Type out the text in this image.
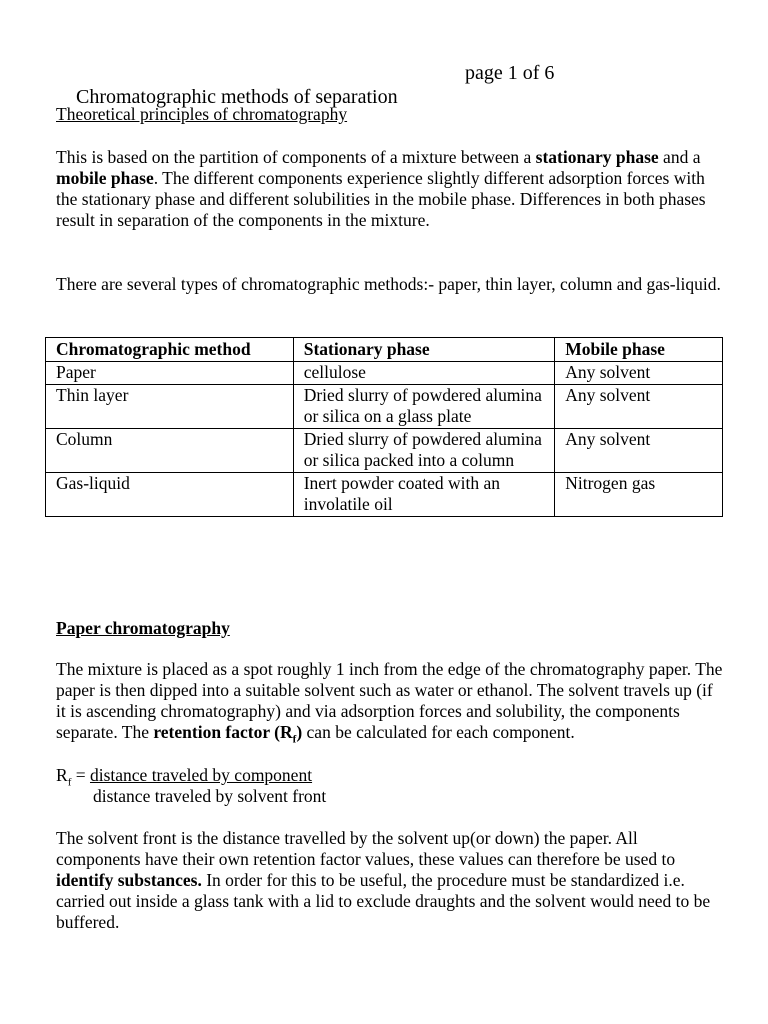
Chromatographic methods of separation

page 1 of 6

Theoretical principles of chromatography

This is based on the partition of components of a mixture between a stationary phase and a mobile phase. The different components experience slightly different adsorption forces with the stationary phase and different solubilities in the mobile phase. Differences in both phases result in separation of the components in the mixture.

There are several types of chromatographic methods:- paper, thin layer, column and gas-liquid.

Chromatographic method	Stationary phase	Mobile phase
Paper	cellulose	Any solvent
Thin layer	Dried slurry of powdered alumina or silica on a glass plate	Any solvent
Column	Dried slurry of powdered alumina or silica packed into a column	Any solvent
Gas-liquid	Inert powder coated with an involatile oil	Nitrogen gas
Paper chromatography

The mixture is placed as a spot roughly 1 inch from the edge of the chromatography paper. The paper is then dipped into a suitable solvent such as water or ethanol. The solvent travels up (if it is ascending chromatography) and via adsorption forces and solubility, the components separate. The retention factor $(R_f)$ can be calculated for each component.

$R_f$ = distance traveled by component
distance traveled by solvent front

The solvent front is the distance travelled by the solvent up(or down) the paper. All components have their own retention factor values, these values can therefore be used to identify substances. In order for this to be useful, the procedure must be standardized i.e. carried out inside a glass tank with a lid to exclude draughts and the solvent would need to be buffered.
